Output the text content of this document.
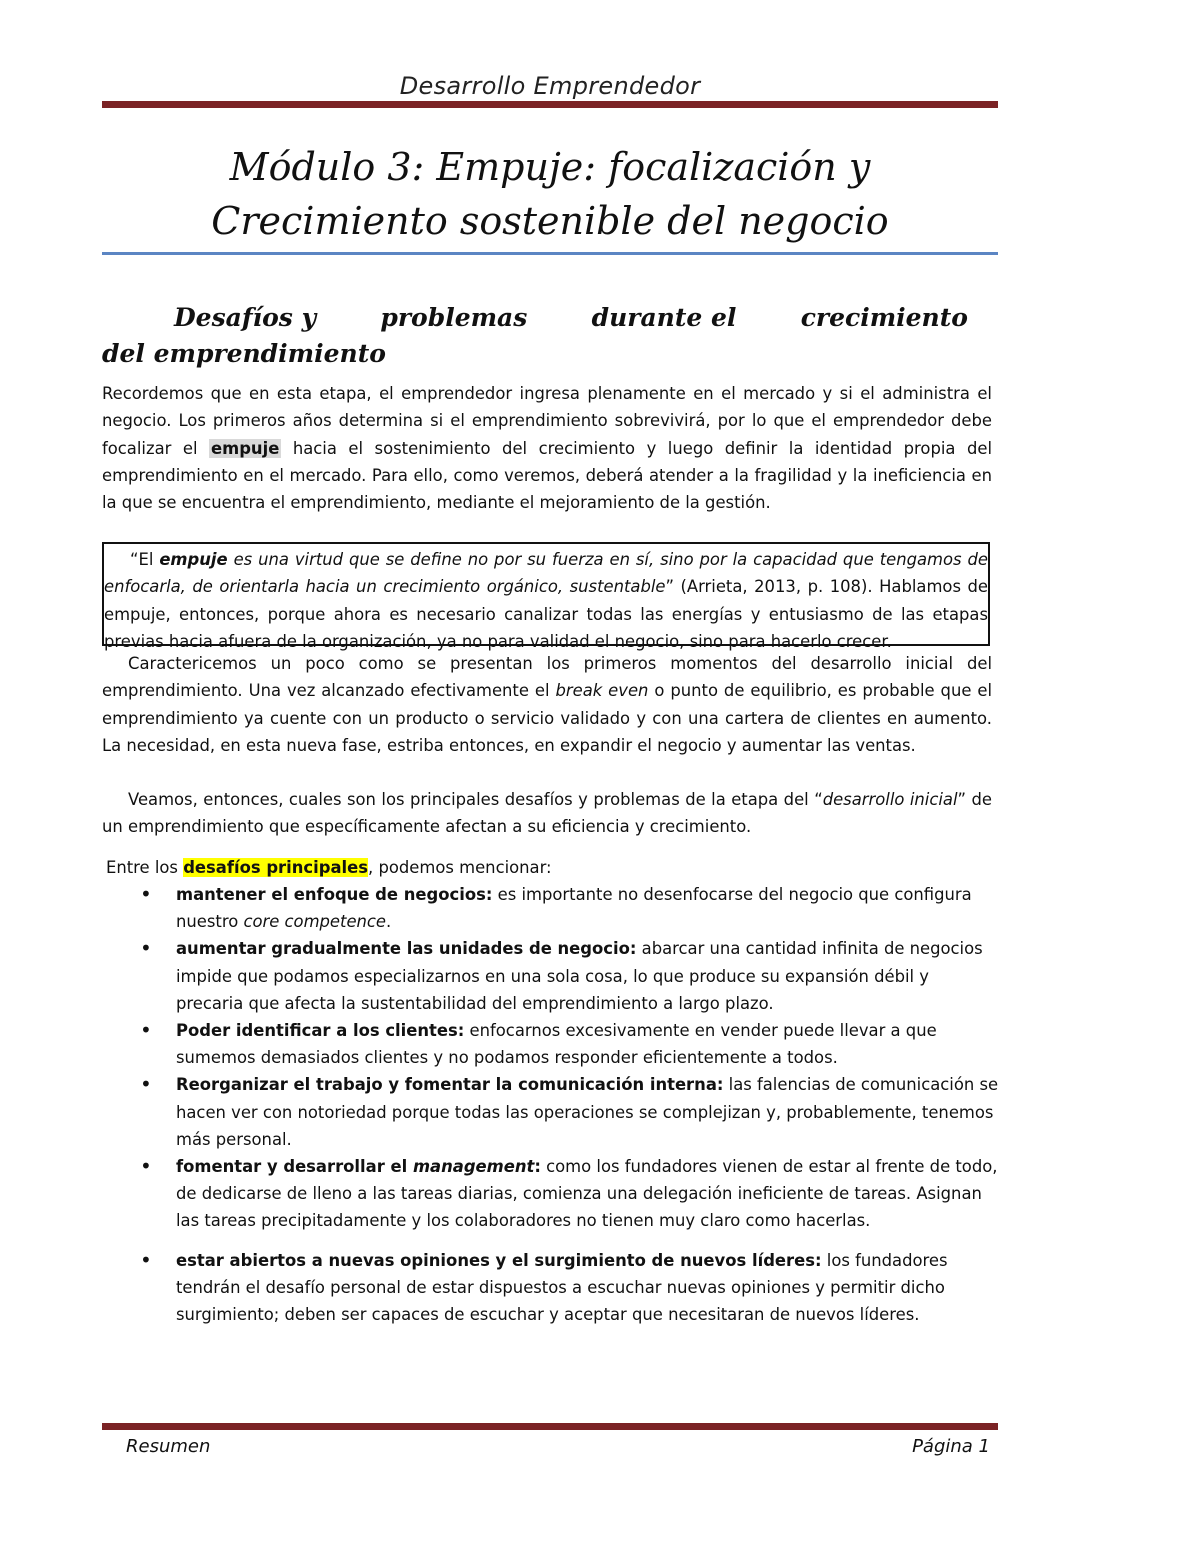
Desarrollo Emprendedor
Módulo 3: Empuje: focalización y
Crecimiento sostenible del negocio
Desafíos y	problemas	durante el	crecimiento
del emprendimiento

Recordemos que en esta etapa, el emprendedor ingresa plenamente en el mercado y si el administra el negocio. Los primeros años determina si el emprendimiento sobrevivirá, por lo que el emprendedor debe focalizar el empuje hacia el sostenimiento del crecimiento y luego definir la identidad propia del emprendimiento en el mercado. Para ello, como veremos, deberá atender a la fragilidad y la ineficiencia en la que se encuentra el emprendimiento, mediante el mejoramiento de la gestión.

“El empuje es una virtud que se define no por su fuerza en sí, sino por la capacidad que tengamos de enfocarla, de orientarla hacia un crecimiento orgánico, sustentable” (Arrieta, 2013, p. 108). Hablamos de empuje, entonces, porque ahora es necesario canalizar todas las energías y entusiasmo de las etapas previas hacia afuera de la organización, ya no para validad el negocio, sino para hacerlo crecer.

Caractericemos un poco como se presentan los primeros momentos del desarrollo inicial del emprendimiento. Una vez alcanzado efectivamente el break even o punto de equilibrio, es probable que el emprendimiento ya cuente con un producto o servicio validado y con una cartera de clientes en aumento. La necesidad, en esta nueva fase, estriba entonces, en expandir el negocio y aumentar las ventas.

Veamos, entonces, cuales son los principales desafíos y problemas de la etapa del “desarrollo inicial” de un emprendimiento que específicamente afectan a su eficiencia y crecimiento.

Entre los desafíos principales, podemos mencionar:

• mantener el enfoque de negocios: es importante no desenfocarse del negocio que configura nuestro core competence.
• aumentar gradualmente las unidades de negocio: abarcar una cantidad infinita de negocios impide que podamos especializarnos en una sola cosa, lo que produce su expansión débil y precaria que afecta la sustentabilidad del emprendimiento a largo plazo.
• Poder identificar a los clientes: enfocarnos excesivamente en vender puede llevar a que sumemos demasiados clientes y no podamos responder eficientemente a todos.
• Reorganizar el trabajo y fomentar la comunicación interna: las falencias de comunicación se hacen ver con notoriedad porque todas las operaciones se complejizan y, probablemente, tenemos más personal.
• fomentar y desarrollar el management: como los fundadores vienen de estar al frente de todo, de dedicarse de lleno a las tareas diarias, comienza una delegación ineficiente de tareas. Asignan las tareas precipitadamente y los colaboradores no tienen muy claro como hacerlas.
• estar abiertos a nuevas opiniones y el surgimiento de nuevos líderes: los fundadores tendrán el desafío personal de estar dispuestos a escuchar nuevas opiniones y permitir dicho surgimiento; deben ser capaces de escuchar y aceptar que necesitaran de nuevos líderes.
Resumen	Página 1
